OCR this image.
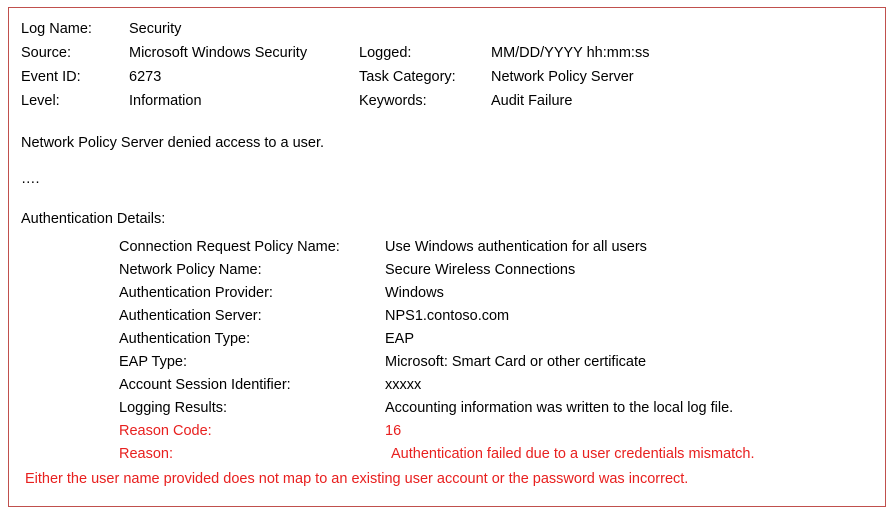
Log Name:	Security
Source:	Microsoft Windows Security	Logged:	MM/DD/YYYY hh:mm:ss
Event ID:	6273	Task Category:	Network Policy Server
Level:	Information	Keywords:	Audit Failure
Network Policy Server denied access to a user.
….
Authentication Details:
Connection Request Policy Name:	Use Windows authentication for all users
Network Policy Name:	Secure Wireless Connections
Authentication Provider:	Windows
Authentication Server:	NPS1.contoso.com
Authentication Type:	EAP
EAP Type:	Microsoft: Smart Card or other certificate
Account Session Identifier:	xxxxx
Logging Results:	Accounting information was written to the local log file.
Reason Code:	16
Reason:	Authentication failed due to a user credentials mismatch.
Either the user name provided does not map to an existing user account or the password was incorrect.
